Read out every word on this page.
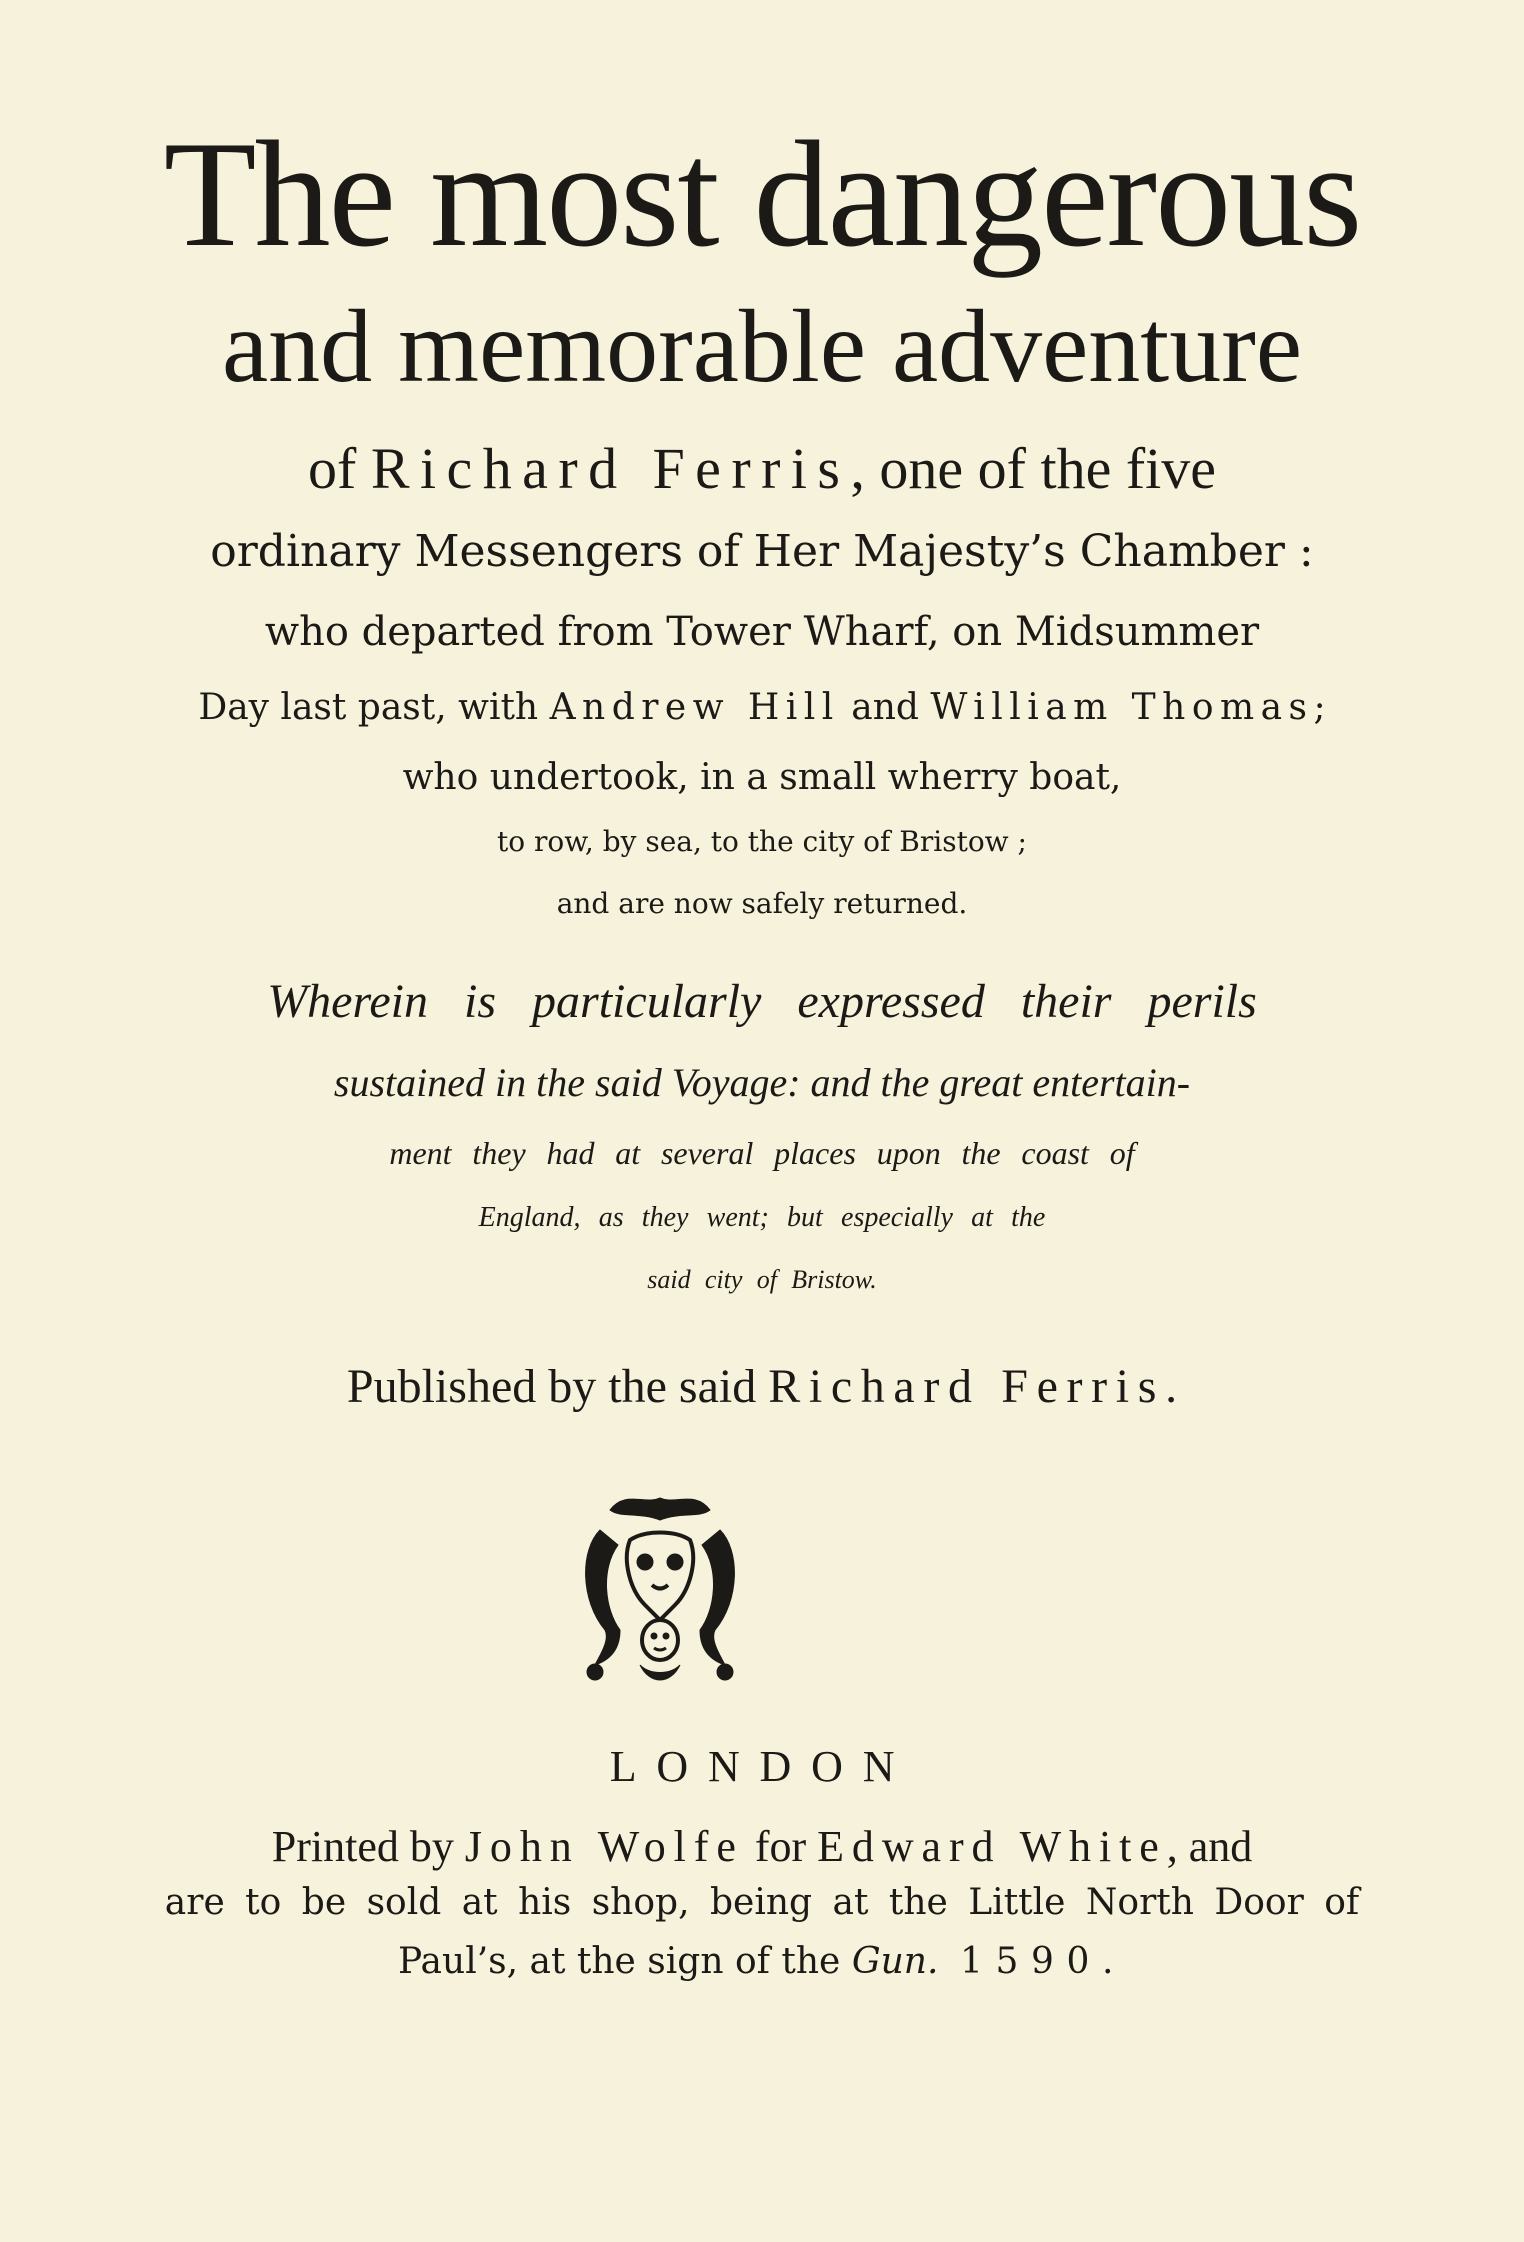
The most dangerous
and memorable adventure
of Richard Ferris, one of the five
ordinary Messengers of Her Majesty’s Chamber :
who departed from Tower Wharf, on Midsummer
Day last past, with Andrew Hill and William Thomas;
who undertook, in a small wherry boat,
to row, by sea, to the city of Bristow ;
and are now safely returned.
Wherein is particularly expressed their perils
sustained in the said Voyage: and the great entertain-
ment they had at several places upon the coast of
England, as they went; but especially at the
said city of Bristow.
Published by the said Richard Ferris.
LONDON
Printed by John Wolfe for Edward White, and
are to be sold at his shop, being at the Little North Door of
Paul’s, at the sign of the Gun. 1590.
